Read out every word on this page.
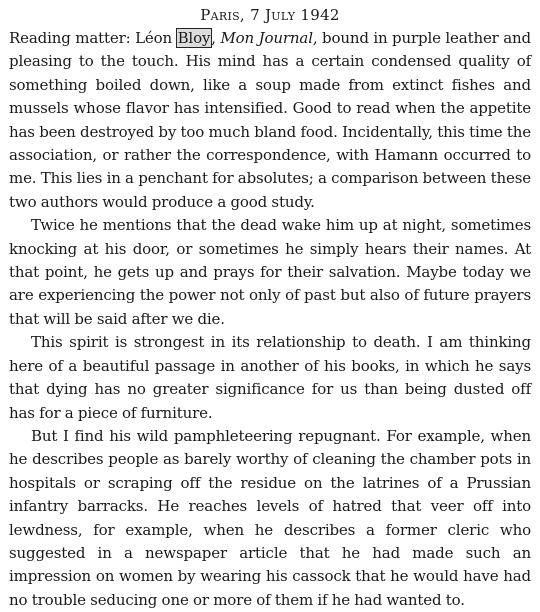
Paris, 7 July 1942

Reading matter: Léon Bloy, Mon Journal, bound in purple leather and pleasing to the touch. His mind has a certain condensed quality of something boiled down, like a soup made from extinct fishes and mussels whose flavor has intensified. Good to read when the appetite has been destroyed by too much bland food. Incidentally, this time the association, or rather the correspondence, with Hamann occurred to me. This lies in a penchant for absolutes; a comparison between these two authors would produce a good study.

Twice he mentions that the dead wake him up at night, sometimes knocking at his door, or sometimes he simply hears their names. At that point, he gets up and prays for their salvation. Maybe today we are experiencing the power not only of past but also of future prayers that will be said after we die.

This spirit is strongest in its relationship to death. I am thinking here of a beautiful passage in another of his books, in which he says that dying has no greater significance for us than being dusted off has for a piece of furniture.

But I find his wild pamphleteering repugnant. For example, when he describes people as barely worthy of cleaning the chamber pots in hospitals or scraping off the residue on the latrines of a Prussian infantry barracks. He reaches levels of hatred that veer off into lewdness, for example, when he describes a former cleric who suggested in a newspaper article that he had made such an impression on women by wearing his cassock that he would have had no trouble seducing one or more of them if he had wanted to.
